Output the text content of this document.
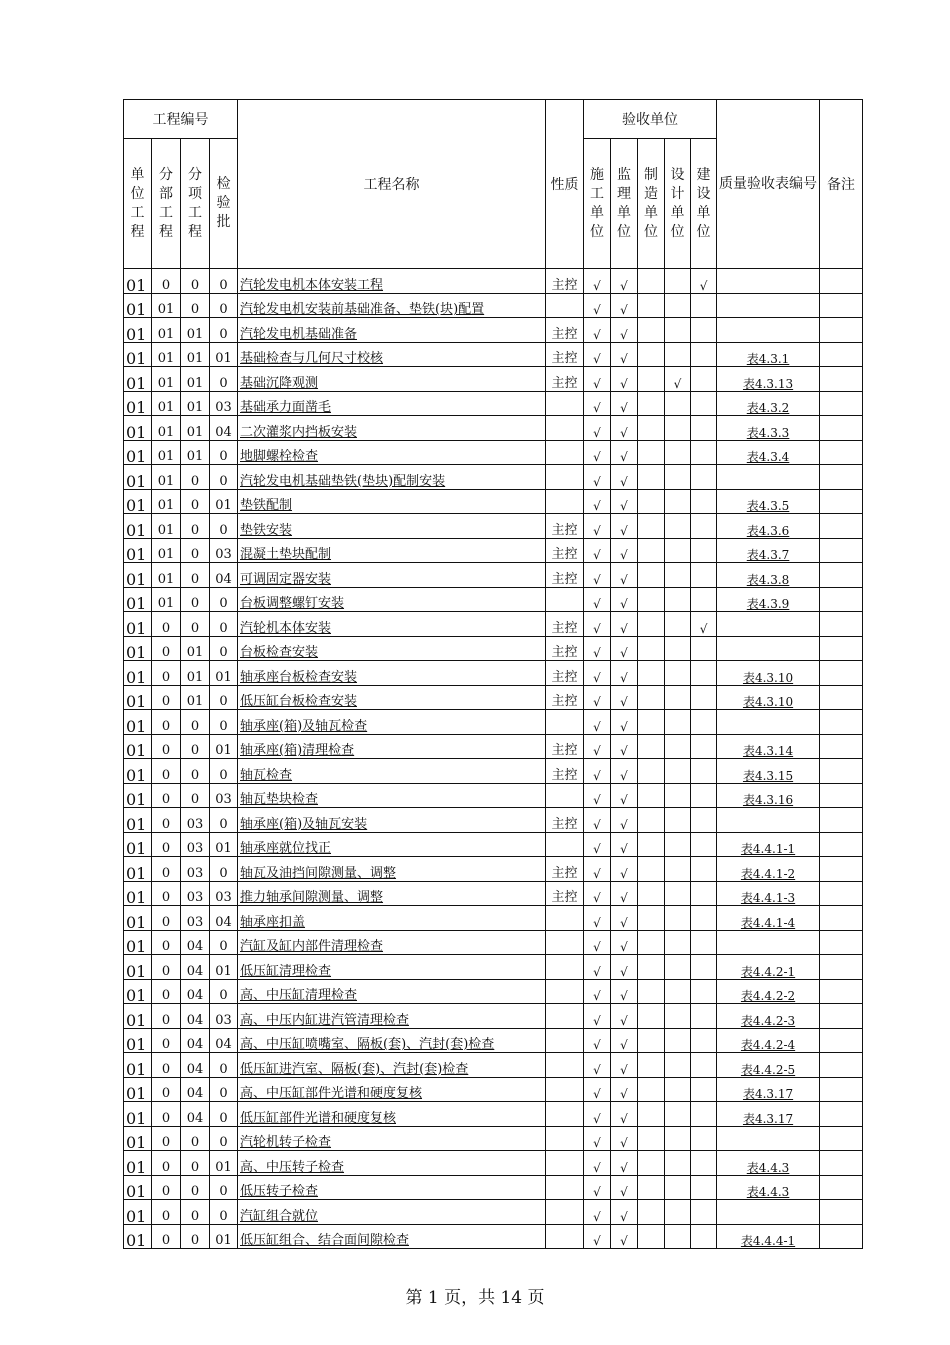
工程编号				工程名称	性质	验收单位					质量验收表编号	备注

单位工程	分部工程	分项工程	检验批			施工单位	监理单位	制造单位	设计单位	建设单位		

01	0	0	0	汽轮发电机本体安装工程	主控	√	√			√		
01	01	0	0	汽轮发电机安装前基础准备、垫铁(块)配置		√	√					
01	01	01	0	汽轮发电机基础准备	主控	√	√					
01	01	01	01	基础检查与几何尺寸校核	主控	√	√				表4.3.1	
01	01	01	0	基础沉降观测	主控	√	√		√		表4.3.13	
01	01	01	03	基础承力面凿毛		√	√				表4.3.2	
01	01	01	04	二次灌浆内挡板安装		√	√				表4.3.3	
01	01	01	0	地脚螺栓检查		√	√				表4.3.4	
01	01	0	0	汽轮发电机基础垫铁(垫块)配制安装		√	√					
01	01	0	01	垫铁配制		√	√				表4.3.5	
01	01	0	0	垫铁安装	主控	√	√				表4.3.6	
01	01	0	03	混凝土垫块配制	主控	√	√				表4.3.7	
01	01	0	04	可调固定器安装	主控	√	√				表4.3.8	
01	01	0	0	台板调整螺钉安装		√	√				表4.3.9	
01	0	0	0	汽轮机本体安装	主控	√	√			√		
01	0	01	0	台板检查安装	主控	√	√					
01	0	01	01	轴承座台板检查安装	主控	√	√				表4.3.10	
01	0	01	0	低压缸台板检查安装	主控	√	√				表4.3.10	
01	0	0	0	轴承座(箱)及轴瓦检查		√	√					
01	0	0	01	轴承座(箱)清理检查	主控	√	√				表4.3.14	
01	0	0	0	轴瓦检查	主控	√	√				表4.3.15	
01	0	0	03	轴瓦垫块检查		√	√				表4.3.16	
01	0	03	0	轴承座(箱)及轴瓦安装	主控	√	√					
01	0	03	01	轴承座就位找正		√	√				表4.4.1-1	
01	0	03	0	轴瓦及油挡间隙测量、调整	主控	√	√				表4.4.1-2	
01	0	03	03	推力轴承间隙测量、调整	主控	√	√				表4.4.1-3	
01	0	03	04	轴承座扣盖		√	√				表4.4.1-4	
01	0	04	0	汽缸及缸内部件清理检查		√	√					
01	0	04	01	低压缸清理检查		√	√				表4.4.2-1	
01	0	04	0	高、中压缸清理检查		√	√				表4.4.2-2	
01	0	04	03	高、中压内缸进汽管清理检查		√	√				表4.4.2-3	
01	0	04	04	高、中压缸喷嘴室、隔板(套)、汽封(套)检查		√	√				表4.4.2-4	
01	0	04	0	低压缸进汽室、隔板(套)、汽封(套)检查		√	√				表4.4.2-5	
01	0	04	0	高、中压缸部件光谱和硬度复核		√	√				表4.3.17	
01	0	04	0	低压缸部件光谱和硬度复核		√	√				表4.3.17	
01	0	0	0	汽轮机转子检查		√	√					
01	0	0	01	高、中压转子检查		√	√				表4.4.3	
01	0	0	0	低压转子检查		√	√				表4.4.3	
01	0	0	0	汽缸组合就位		√	√					
01	0	0	01	低压缸组合、结合面间隙检查		√	√				表4.4.4-1	
第 1 页，共 14 页
